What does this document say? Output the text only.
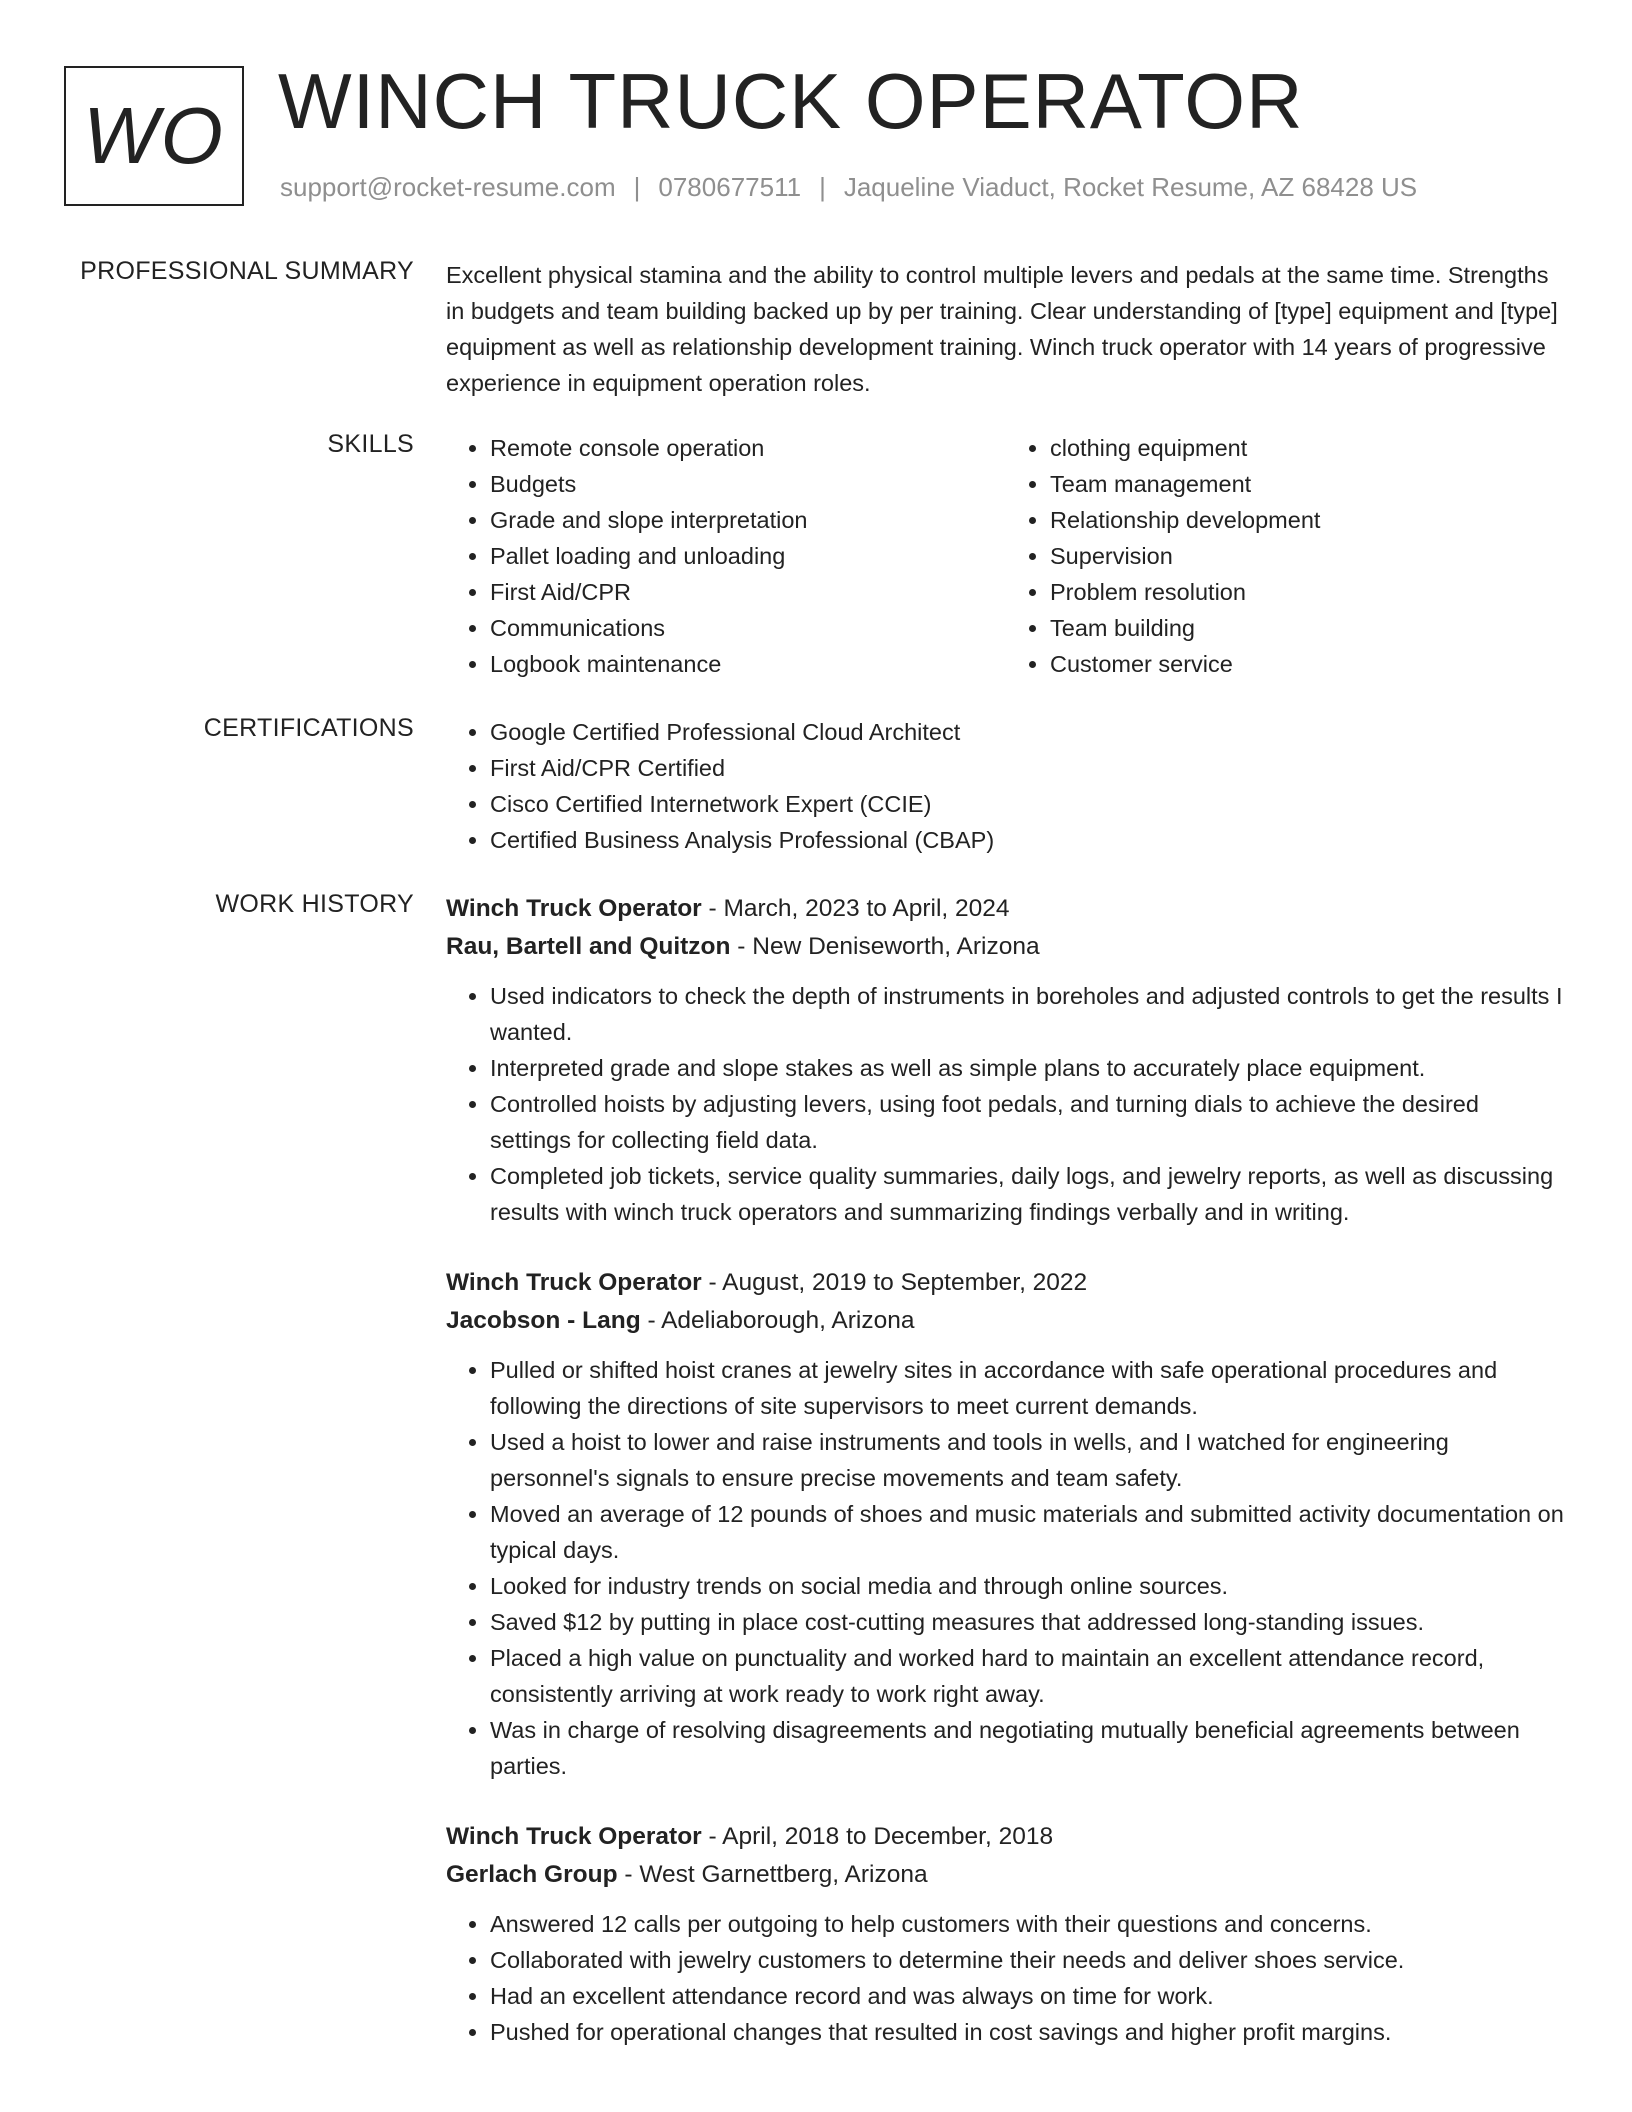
WO WINCH TRUCK OPERATOR
support@rocket-resume.com | 0780677511 | Jaqueline Viaduct, Rocket Resume, AZ 68428 US
PROFESSIONAL SUMMARY Excellent physical stamina and the ability to control multiple levers and pedals at the same time. Strengths in budgets and team building backed up by per training. Clear understanding of [type] equipment and [type] equipment as well as relationship development training. Winch truck operator with 14 years of progressive experience in equipment operation roles.

SKILLS	• Remote console operation
• Budgets
• Grade and slope interpretation
• Pallet loading and unloading
• First Aid/CPR
• Communications
• Logbook maintenance
• clothing equipment
• Team management
• Relationship development
• Supervision
• Problem resolution
• Team building
• Customer service
CERTIFICATIONS	• Google Certified Professional Cloud Architect
• First Aid/CPR Certified
• Cisco Certified Internetwork Expert (CCIE)
• Certified Business Analysis Professional (CBAP)
WORK HISTORY Winch Truck Operator - March, 2023 to April, 2024
Rau, Bartell and Quitzon - New Deniseworth, Arizona
• Used indicators to check the depth of instruments in boreholes and adjusted controls to get the results I wanted.
• Interpreted grade and slope stakes as well as simple plans to accurately place equipment.
• Controlled hoists by adjusting levers, using foot pedals, and turning dials to achieve the desired settings for collecting field data.
• Completed job tickets, service quality summaries, daily logs, and jewelry reports, as well as discussing results with winch truck operators and summarizing findings verbally and in writing.
Winch Truck Operator - August, 2019 to September, 2022
Jacobson - Lang - Adeliaborough, Arizona
• Pulled or shifted hoist cranes at jewelry sites in accordance with safe operational procedures and following the directions of site supervisors to meet current demands.
• Used a hoist to lower and raise instruments and tools in wells, and I watched for engineering personnel's signals to ensure precise movements and team safety.
• Moved an average of 12 pounds of shoes and music materials and submitted activity documentation on typical days.
• Looked for industry trends on social media and through online sources.
• Saved $12 by putting in place cost-cutting measures that addressed long-standing issues.
• Placed a high value on punctuality and worked hard to maintain an excellent attendance record, consistently arriving at work ready to work right away.
• Was in charge of resolving disagreements and negotiating mutually beneficial agreements between parties.
Winch Truck Operator - April, 2018 to December, 2018
Gerlach Group - West Garnettberg, Arizona
• Answered 12 calls per outgoing to help customers with their questions and concerns.
• Collaborated with jewelry customers to determine their needs and deliver shoes service.
• Had an excellent attendance record and was always on time for work.
• Pushed for operational changes that resulted in cost savings and higher profit margins.
